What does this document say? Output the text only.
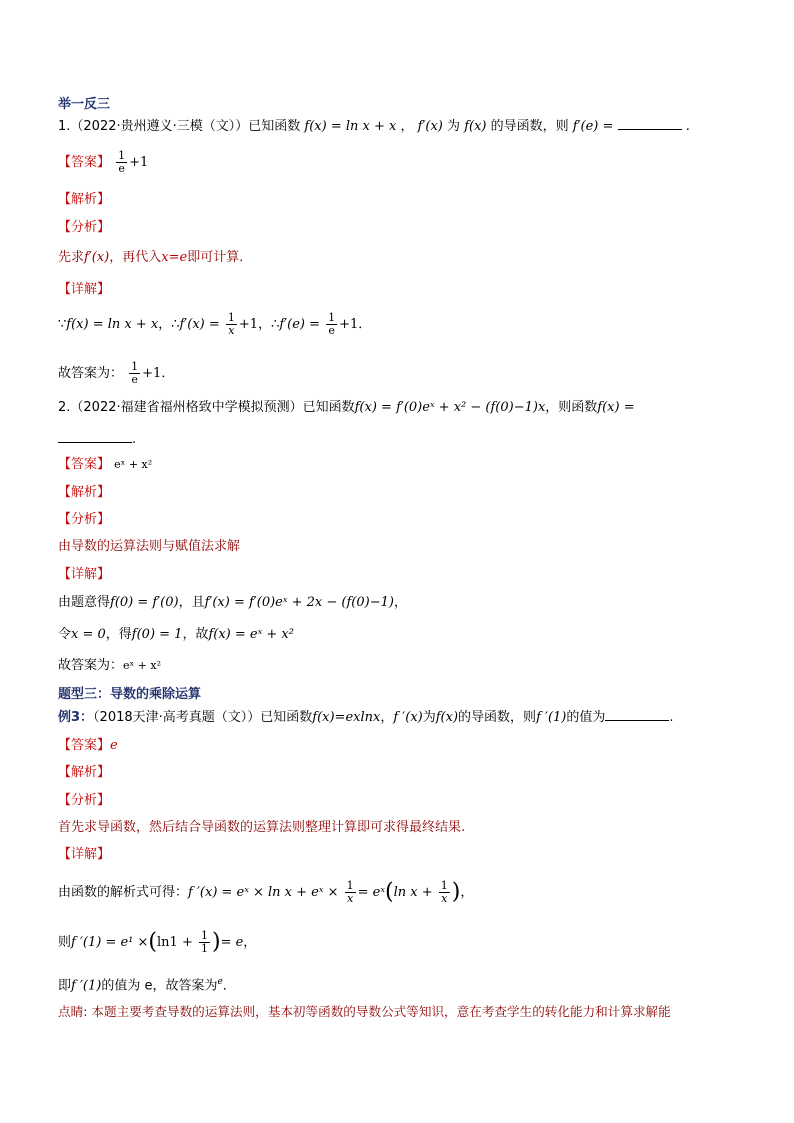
举一反三
1.（2022·贵州遵义·三模（文））已知函数 f(x) = ln x + x ， f′(x) 为 f(x) 的导函数，则 f′(e) =	.
【答案】 $\frac{1}{e} +1$
【解析】
【分析】
先求f′(x)，再代入x=e即可计算．
【详解】
∵f(x) = ln x + x，∴f′(x) = $\frac{1}{x} +1$，∴f′(e) = $\frac{1}{e} +1$．
故答案为： $\frac{1}{e} +1$．
2.（2022·福建省福州格致中学模拟预测）已知函数f(x) = f′(0)eˣ + x² − (f(0)−1)x，则函数f(x) =
.
【答案】 eˣ + x²
【解析】
【分析】
由导数的运算法则与赋值法求解
【详解】
由题意得f(0) = f′(0)，且f′(x) = f′(0)eˣ + 2x − (f(0)−1)，
令x = 0，得f(0) = 1，故f(x) = eˣ + x²
故答案为：eˣ + x²
题型三：导数的乘除运算
例3：（2018天津·高考真题（文））已知函数f(x)=exlnx，f ′(x)为f(x)的导函数，则f ′(1)的值为	.
【答案】e
【解析】
【分析】
首先求导函数，然后结合导函数的运算法则整理计算即可求得最终结果.
【详解】
由函数的解析式可得：f ′(x) = eˣ × ln x + eˣ × $\frac{1}{x}$ = eˣ(ln $x + \frac{1}{x}$ )，
则f $'(1) = e^1 \times(\ln 1 + \frac{1}{1}$ )= e，
即f ′(1)的值为 e，故答案为$^e$．
点睛: 本题主要考查导数的运算法则，基本初等函数的导数公式等知识，意在考查学生的转化能力和计算求解能
